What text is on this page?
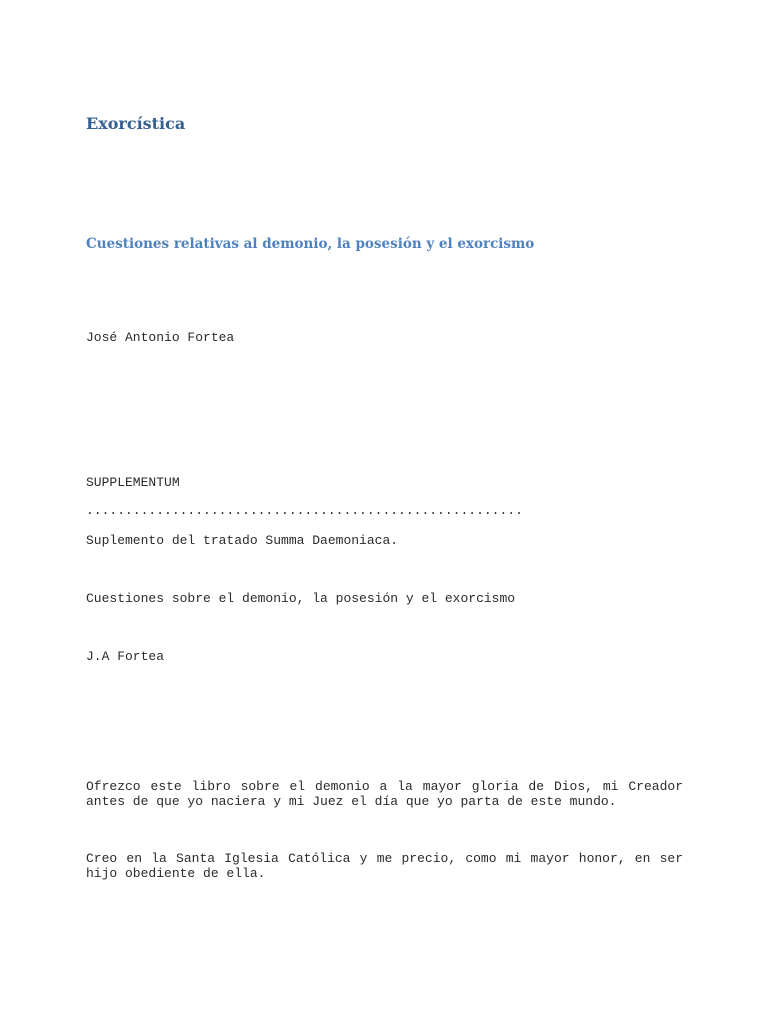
Exorcística
Cuestiones relativas al demonio, la posesión y el exorcismo

José Antonio Fortea

SUPPLEMENTUM

........................................................

Suplemento del tratado Summa Daemoniaca.

Cuestiones sobre el demonio, la posesión y el exorcismo

J.A Fortea

Ofrezco este libro sobre el demonio a la mayor gloria de Dios, mi Creador antes de que yo naciera y mi Juez el día que yo parta de este mundo.

Creo en la Santa Iglesia Católica y me precio, como mi mayor honor, en ser hijo obediente de ella.
